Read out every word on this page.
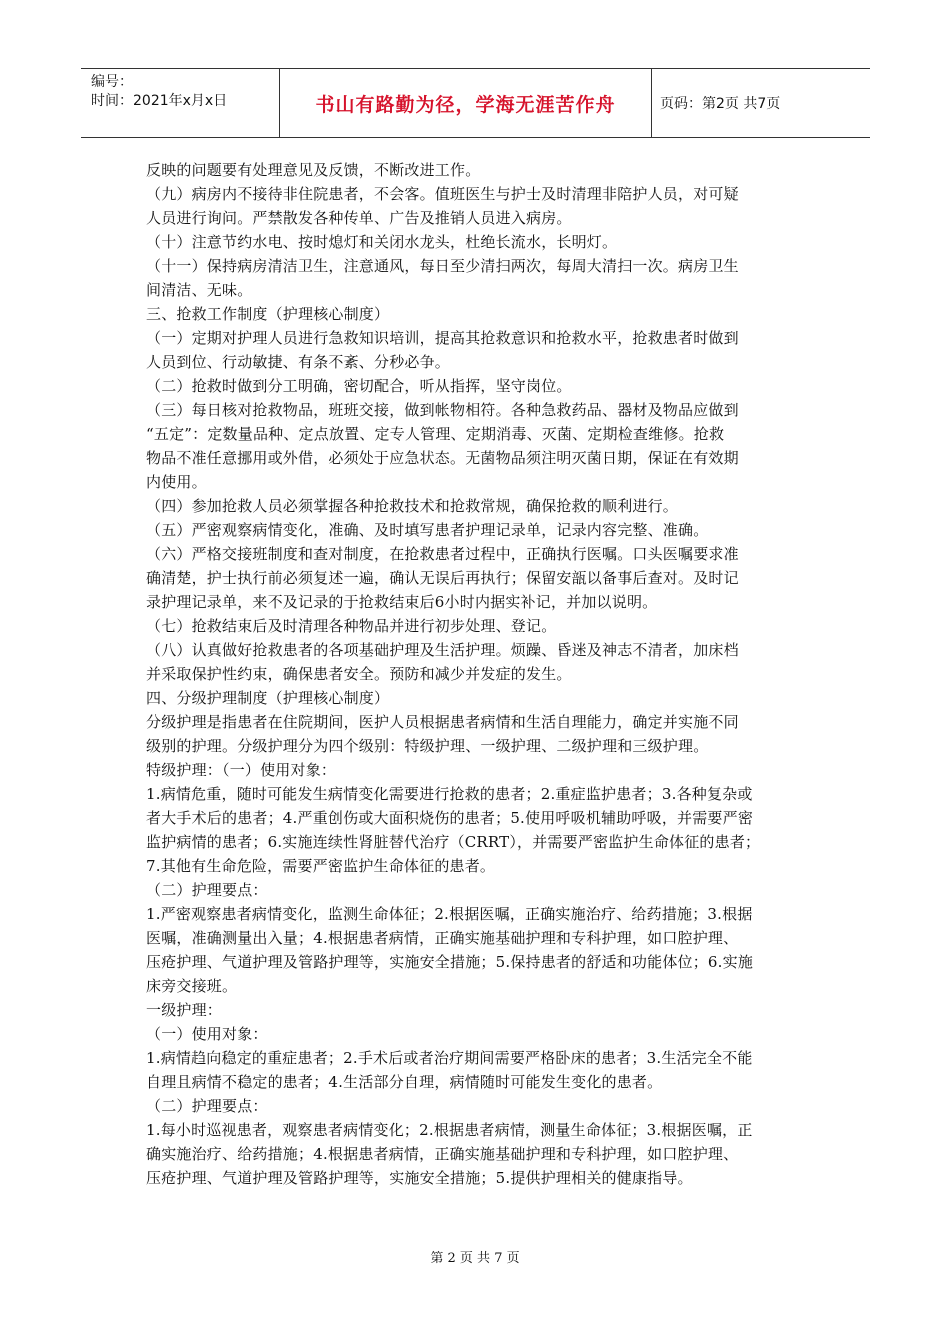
编号：
时间：2021年x月x日	书山有路勤为径，学海无涯苦作舟	页码：第2页 共7页

反映的问题要有处理意见及反馈，不断改进工作。

（九）病房内不接待非住院患者，不会客。值班医生与护士及时清理非陪护人员，对可疑

人员进行询问。严禁散发各种传单、广告及推销人员进入病房。

（十）注意节约水电、按时熄灯和关闭水龙头，杜绝长流水，长明灯。

（十一）保持病房清洁卫生，注意通风，每日至少清扫两次，每周大清扫一次。病房卫生

间清洁、无味。

三、抢救工作制度（护理核心制度）

（一）定期对护理人员进行急救知识培训，提高其抢救意识和抢救水平，抢救患者时做到

人员到位、行动敏捷、有条不紊、分秒必争。

（二）抢救时做到分工明确，密切配合，听从指挥，坚守岗位。

（三）每日核对抢救物品，班班交接，做到帐物相符。各种急救药品、器材及物品应做到

“五定”：定数量品种、定点放置、定专人管理、定期消毒、灭菌、定期检查维修。抢救

物品不准任意挪用或外借，必须处于应急状态。无菌物品须注明灭菌日期，保证在有效期

内使用。

（四）参加抢救人员必须掌握各种抢救技术和抢救常规，确保抢救的顺利进行。

（五）严密观察病情变化，准确、及时填写患者护理记录单，记录内容完整、准确。

（六）严格交接班制度和查对制度，在抢救患者过程中，正确执行医嘱。口头医嘱要求准

确清楚，护士执行前必须复述一遍，确认无误后再执行；保留安瓿以备事后查对。及时记

录护理记录单，来不及记录的于抢救结束后6小时内据实补记，并加以说明。

（七）抢救结束后及时清理各种物品并进行初步处理、登记。

（八）认真做好抢救患者的各项基础护理及生活护理。烦躁、昏迷及神志不清者，加床档

并采取保护性约束，确保患者安全。预防和减少并发症的发生。

四、分级护理制度（护理核心制度）

分级护理是指患者在住院期间，医护人员根据患者病情和生活自理能力，确定并实施不同

级别的护理。分级护理分为四个级别：特级护理、一级护理、二级护理和三级护理。

特级护理：（一）使用对象：

1.病情危重，随时可能发生病情变化需要进行抢救的患者；2.重症监护患者；3.各种复杂或

者大手术后的患者；4.严重创伤或大面积烧伤的患者；5.使用呼吸机辅助呼吸，并需要严密

监护病情的患者；6.实施连续性肾脏替代治疗（CRRT），并需要严密监护生命体征的患者；

7.其他有生命危险，需要严密监护生命体征的患者。

（二）护理要点：

1.严密观察患者病情变化，监测生命体征；2.根据医嘱，正确实施治疗、给药措施；3.根据

医嘱，准确测量出入量；4.根据患者病情，正确实施基础护理和专科护理，如口腔护理、

压疮护理、气道护理及管路护理等，实施安全措施；5.保持患者的舒适和功能体位；6.实施

床旁交接班。

一级护理：

（一）使用对象：

1.病情趋向稳定的重症患者；2.手术后或者治疗期间需要严格卧床的患者；3.生活完全不能

自理且病情不稳定的患者；4.生活部分自理，病情随时可能发生变化的患者。

（二）护理要点：

1.每小时巡视患者，观察患者病情变化；2.根据患者病情，测量生命体征；3.根据医嘱，正

确实施治疗、给药措施；4.根据患者病情，正确实施基础护理和专科护理，如口腔护理、

压疮护理、气道护理及管路护理等，实施安全措施；5.提供护理相关的健康指导。

第 2 页 共 7 页
